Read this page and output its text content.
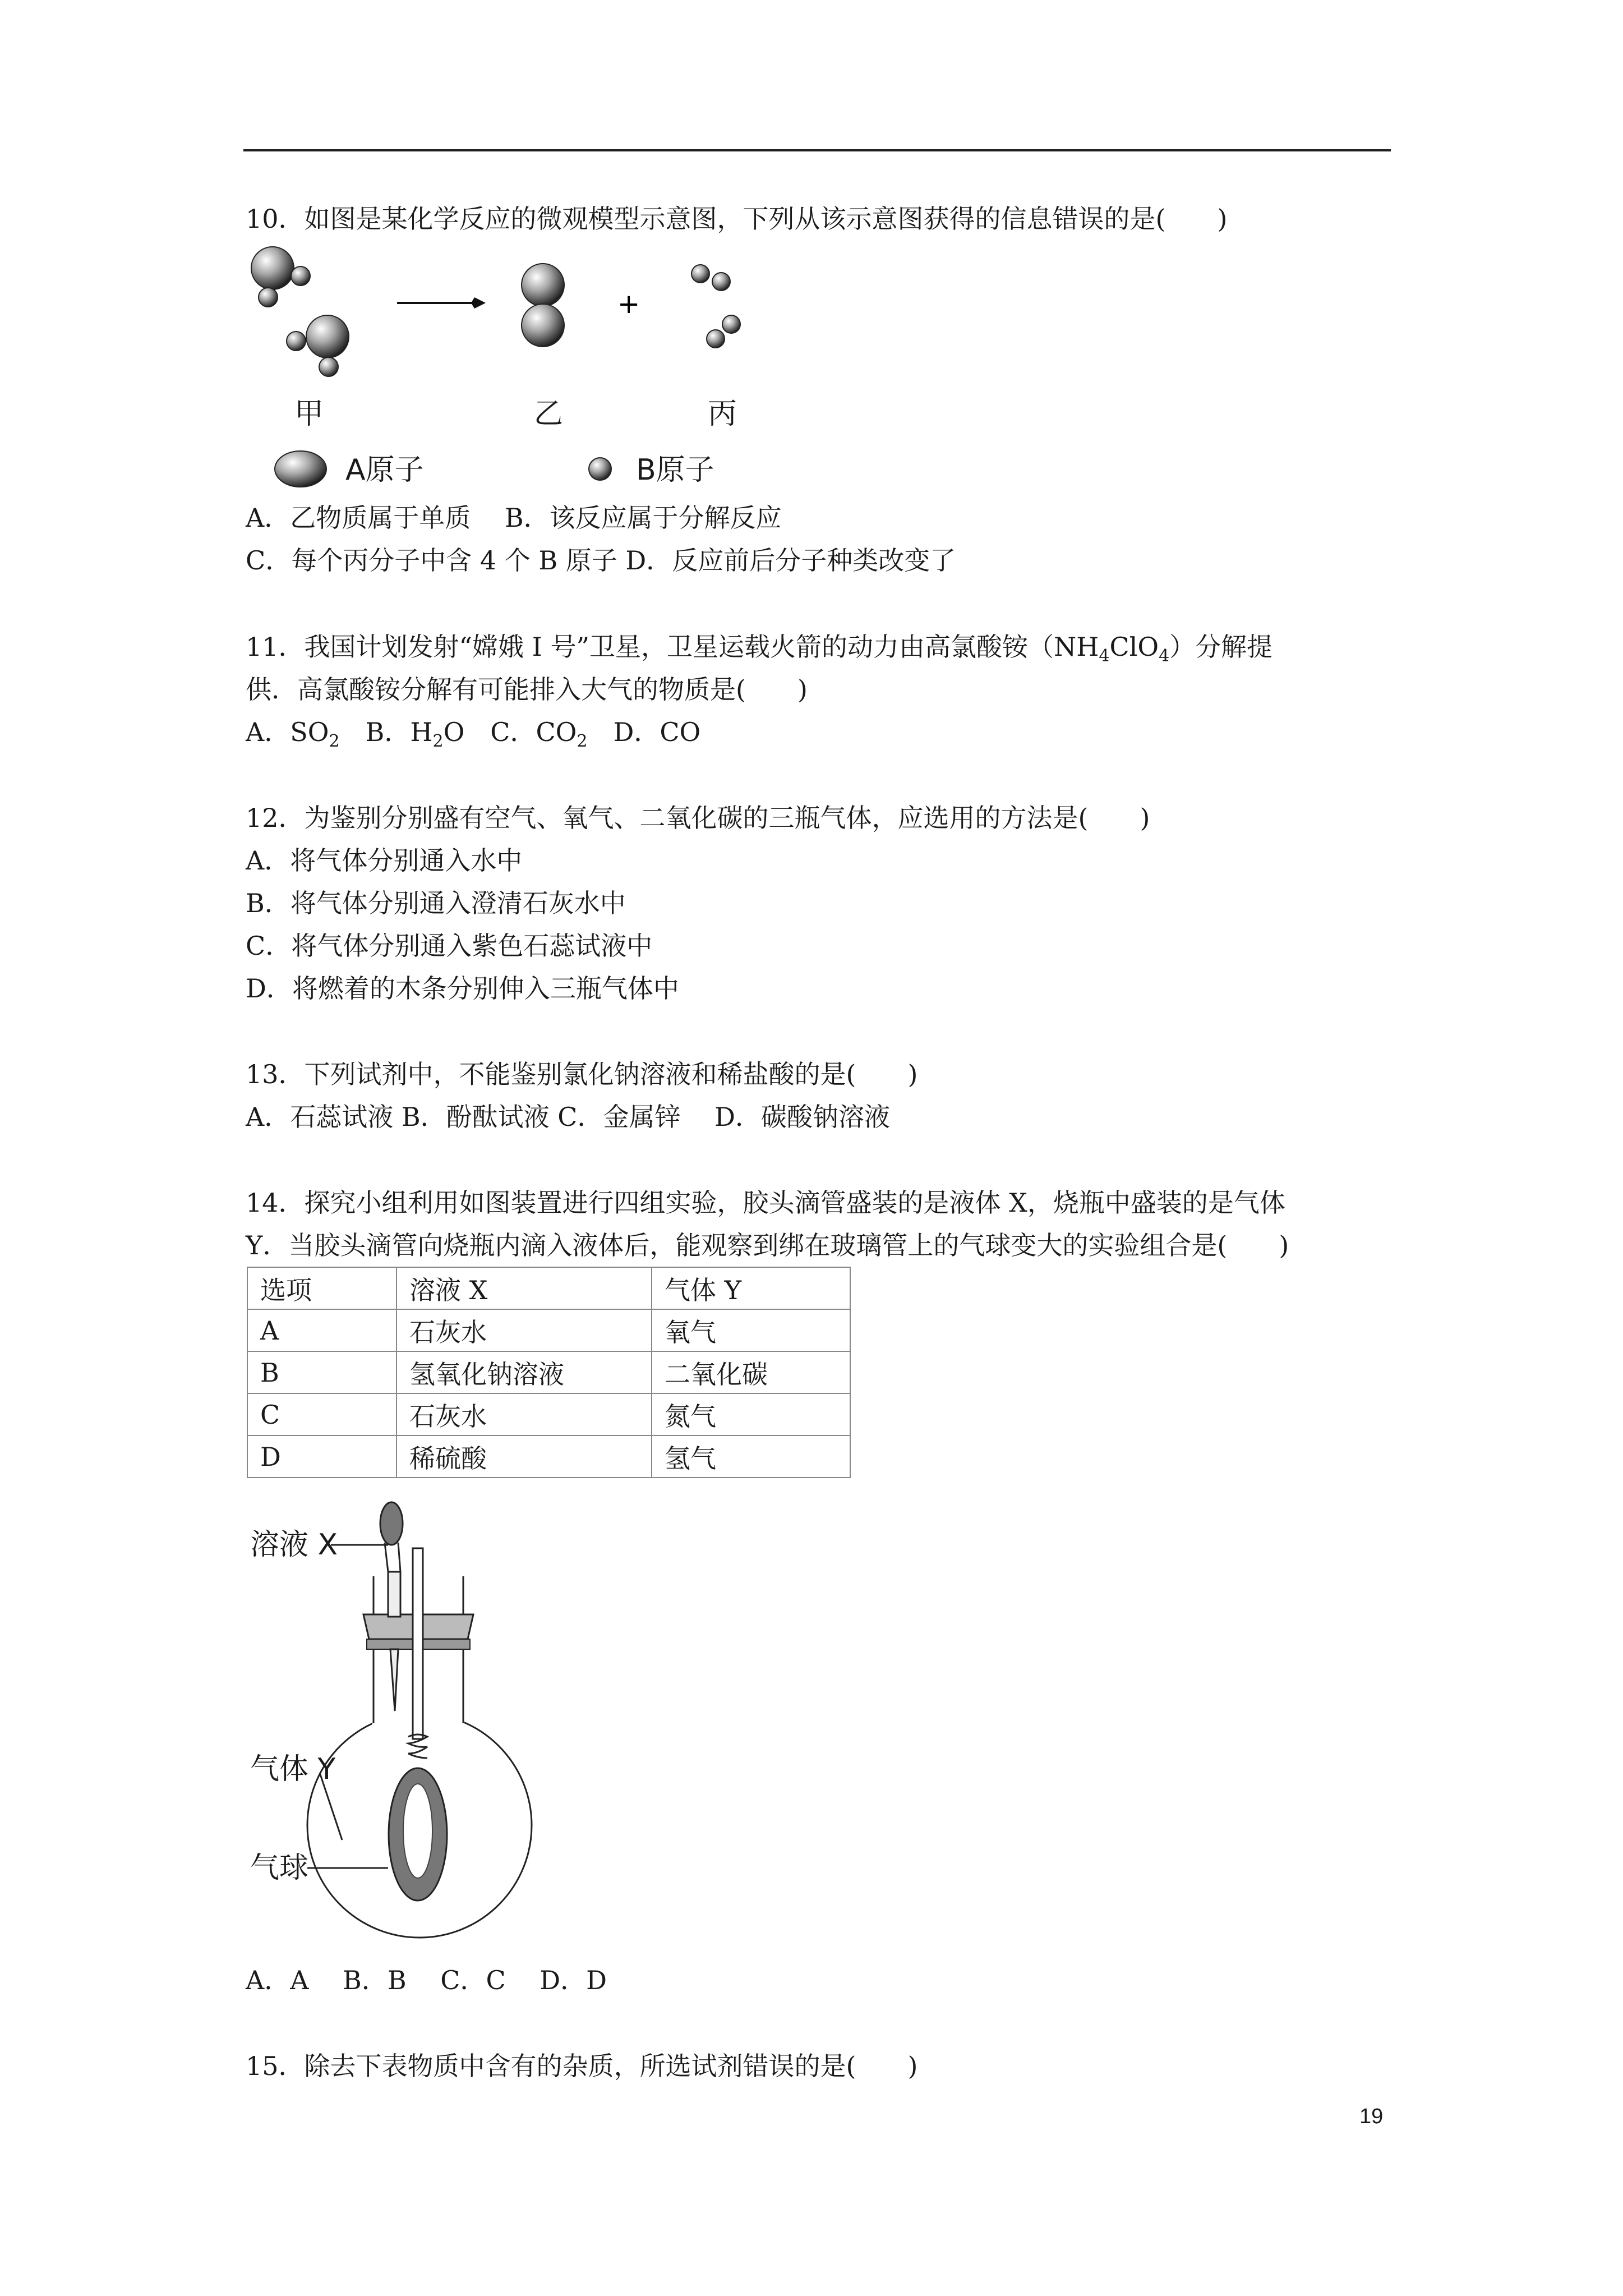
10．如图是某化学反应的微观模型示意图，下列从该示意图获得的信息错误的是(　　)
+
甲	乙	丙
A原子	B原子
A．乙物质属于单质　 B．该反应属于分解反应
C．每个丙分子中含 4 个 B 原子 D．反应前后分子种类改变了
11．我国计划发射“嫦娥 I 号”卫星，卫星运载火箭的动力由高氯酸铵$(NH_4ClO_4)$分解提
供．高氯酸铵分解有可能排入大气的物质是(　　)
A．$SO_2$　B．$H_2O$　C．$CO_2$　D．CO
12．为鉴别分别盛有空气、氧气、二氧化碳的三瓶气体，应选用的方法是(　　)
A．将气体分别通入水中
B．将气体分别通入澄清石灰水中
C．将气体分别通入紫色石蕊试液中
D．将燃着的木条分别伸入三瓶气体中
13．下列试剂中，不能鉴别氯化钠溶液和稀盐酸的是(　　)
A．石蕊试液 B．酚酞试液 C．金属锌　 D．碳酸钠溶液
14．探究小组利用如图装置进行四组实验，胶头滴管盛装的是液体 X，烧瓶中盛装的是气体
Y．当胶头滴管向烧瓶内滴入液体后，能观察到绑在玻璃管上的气球变大的实验组合是(　　)
选项	溶液 X	气体 Y
A	石灰水	氧气
B	氢氧化钠溶液	二氧化碳
C	石灰水	氮气
D	稀硫酸	氢气
溶液 X
气体 Y
气球
A．A　 B．B　 C．C　 D．D
15．除去下表物质中含有的杂质，所选试剂错误的是(　　)
19
